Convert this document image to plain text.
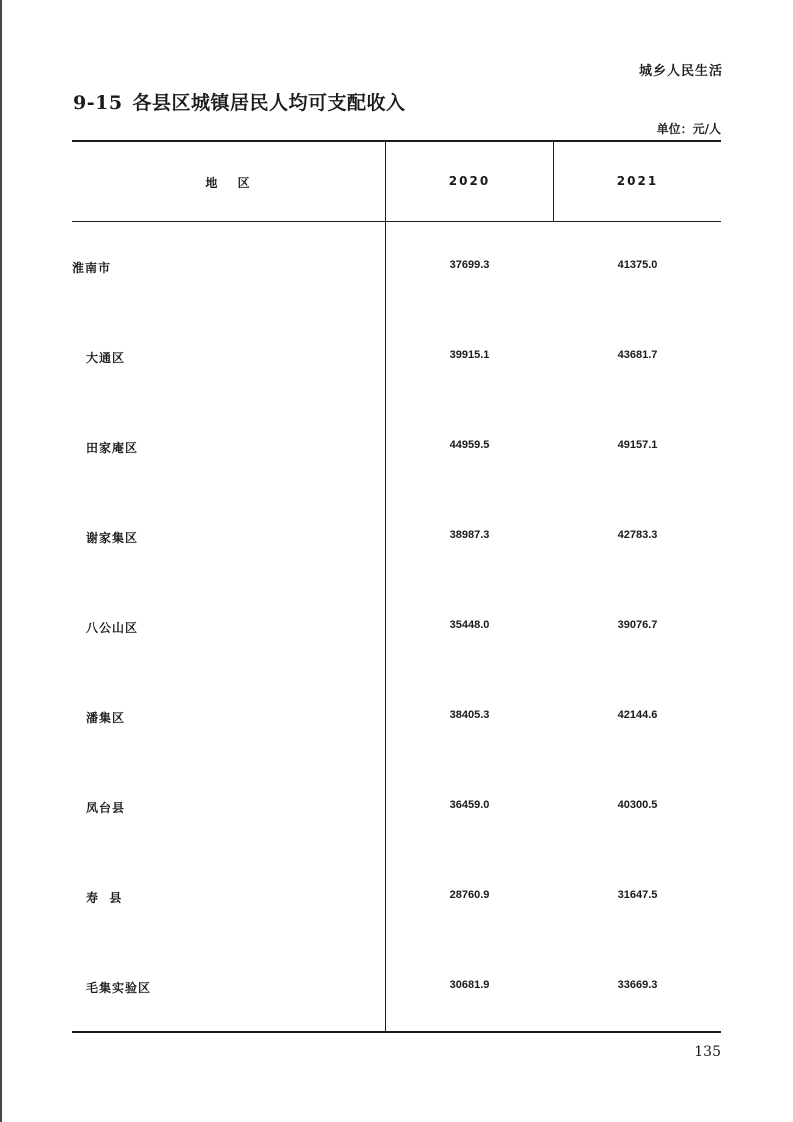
城乡人民生活
9-15 各县区城镇居民人均可支配收入
单位：元/人
地 区	2020	2021
淮南市	37699.3	41375.0
大通区	39915.1	43681.7
田家庵区	44959.5	49157.1
谢家集区	38987.3	42783.3
八公山区	35448.0	39076.7
潘集区	38405.3	42144.6
凤台县	36459.0	40300.5
寿  县	28760.9	31647.5
毛集实验区	30681.9	33669.3
135
